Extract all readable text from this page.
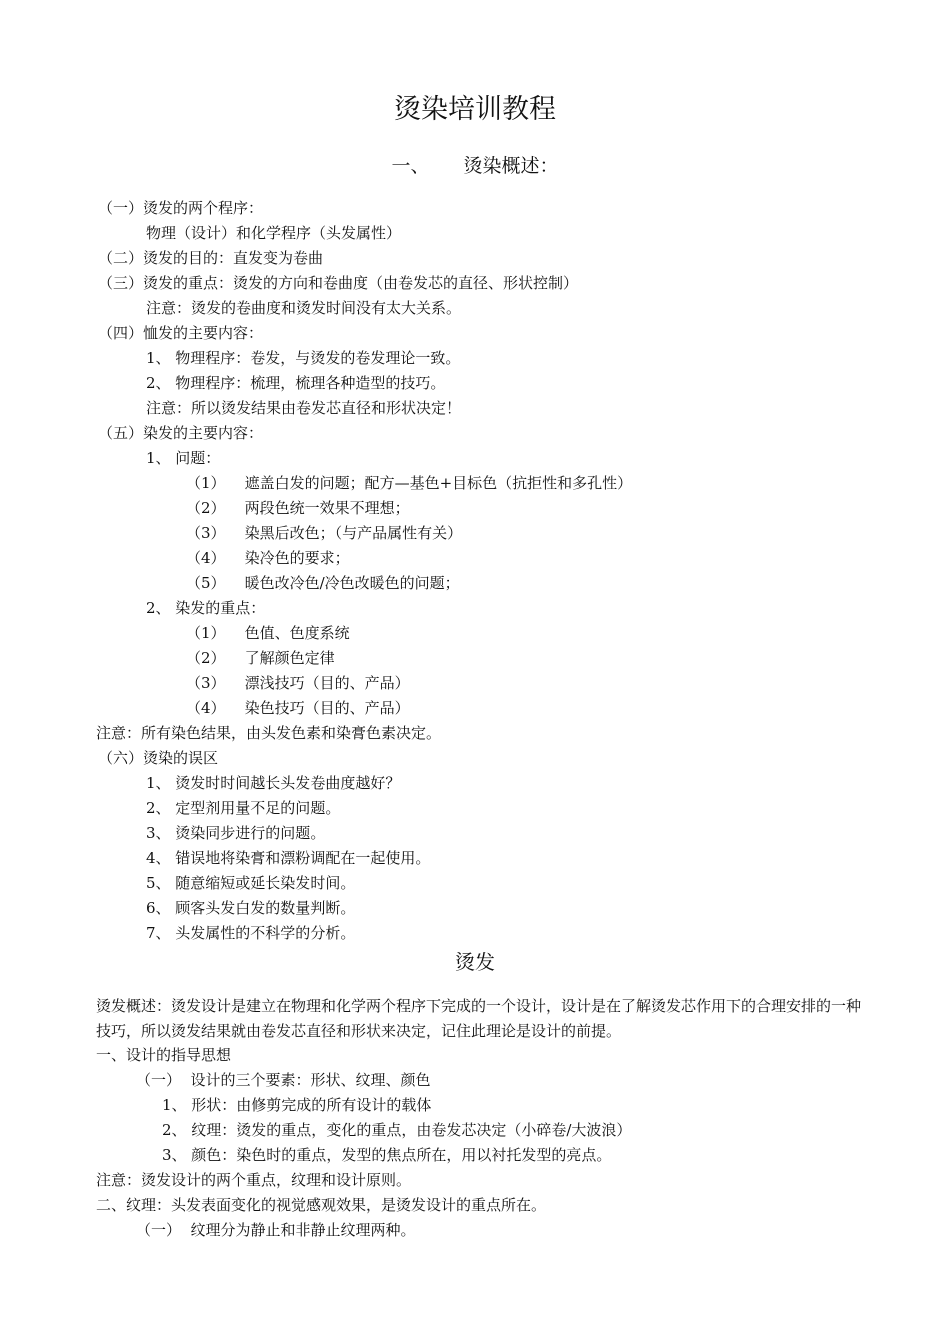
烫染培训教程
一、 烫染概述：
（一）烫发的两个程序：
物理（设计）和化学程序（头发属性）
（二）烫发的目的：直发变为卷曲
（三）烫发的重点：烫发的方向和卷曲度（由卷发芯的直径、形状控制）
注意：烫发的卷曲度和烫发时间没有太大关系。
（四）恤发的主要内容：
1、 物理程序：卷发，与烫发的卷发理论一致。
2、 物理程序：梳理，梳理各种造型的技巧。
注意：所以烫发结果由卷发芯直径和形状决定！
（五）染发的主要内容：
1、 问题：
（1）    遮盖白发的问题；配方—基色+目标色（抗拒性和多孔性）
（2）    两段色统一效果不理想；
（3）    染黑后改色；（与产品属性有关）
（4）    染冷色的要求；
（5）    暖色改冷色/冷色改暖色的问题；
2、 染发的重点：
（1）    色值、色度系统
（2）    了解颜色定律
（3）    漂浅技巧（目的、产品）
（4）    染色技巧（目的、产品）
注意：所有染色结果，由头发色素和染膏色素决定。
（六）烫染的误区
1、 烫发时时间越长头发卷曲度越好？
2、 定型剂用量不足的问题。
3、 烫染同步进行的问题。
4、 错误地将染膏和漂粉调配在一起使用。
5、 随意缩短或延长染发时间。
6、 顾客头发白发的数量判断。
7、 头发属性的不科学的分析。
烫发
烫发概述：烫发设计是建立在物理和化学两个程序下完成的一个设计，设计是在了解烫发芯作用下的合理安排的一种技巧，所以烫发结果就由卷发芯直径和形状来决定，记住此理论是设计的前提。
一、设计的指导思想
（一）  设计的三个要素：形状、纹理、颜色
1、 形状：由修剪完成的所有设计的载体
2、 纹理：烫发的重点，变化的重点，由卷发芯决定（小碎卷/大波浪）
3、 颜色：染色时的重点，发型的焦点所在，用以衬托发型的亮点。
注意：烫发设计的两个重点，纹理和设计原则。
二、纹理：头发表面变化的视觉感观效果，是烫发设计的重点所在。
（一）  纹理分为静止和非静止纹理两种。
